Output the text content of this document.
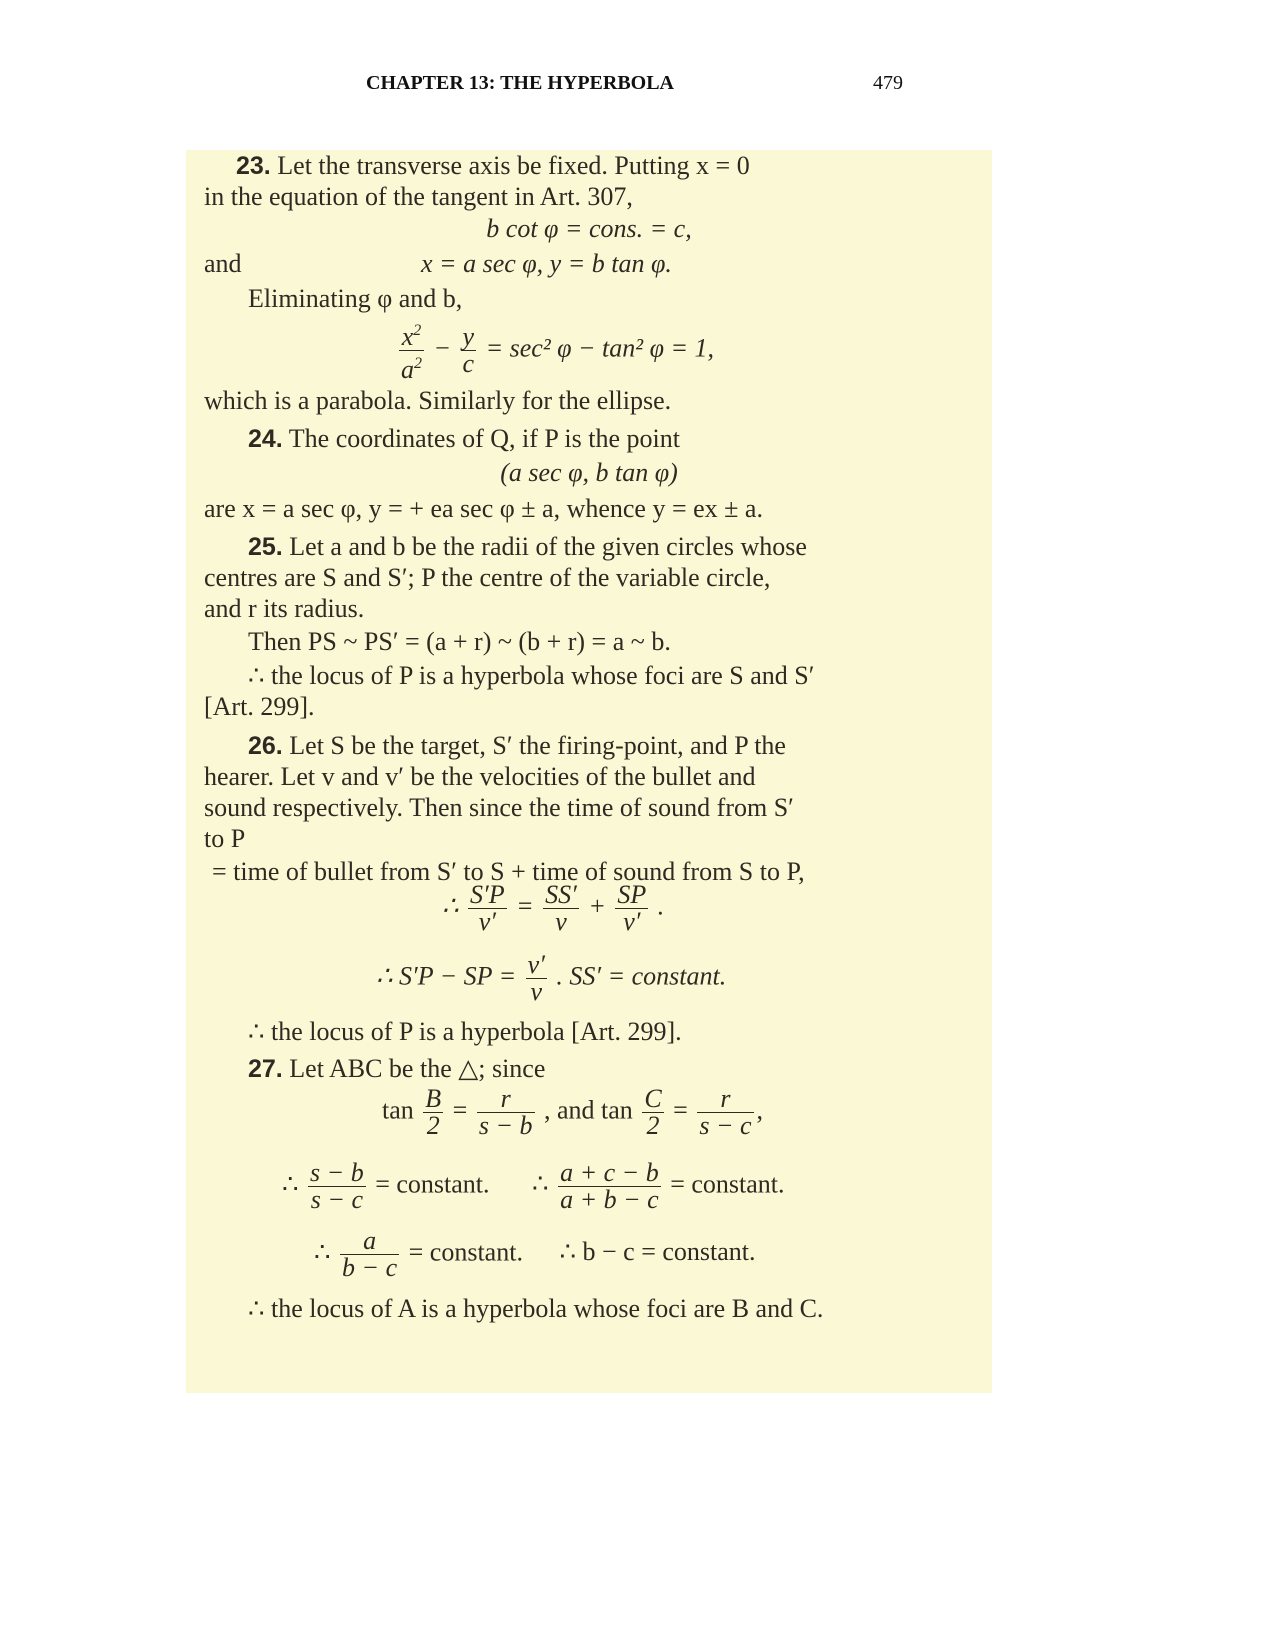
CHAPTER 13: THE HYPERBOLA	479
23. Let the transverse axis be fixed. Putting x = 0
in the equation of the tangent in Art. 307,
b cot φ = cons. = c,
and	x = a sec φ, y = b tan φ.
Eliminating φ and b,
$\frac{x^2}{a^2} - \frac{y}{c} = \sec^2$ φ − tan² φ = 1,
which is a parabola. Similarly for the ellipse.
24. The coordinates of Q, if P is the point
(a sec φ, b tan φ)
are x = a sec φ, y = + ea sec φ ± a, whence y = ex ± a.
25. Let a and b be the radii of the given circles whose
centres are S and S′; P the centre of the variable circle,
and r its radius.
Then PS ~ PS′ = (a + r) ~ (b + r) = a ~ b.
∴ the locus of P is a hyperbola whose foci are S and S′
[Art. 299].
26. Let S be the target, S′ the firing-point, and P the
hearer. Let v and v′ be the velocities of the bullet and
sound respectively. Then since the time of sound from S′
to P
= time of bullet from S′ to S + time of sound from S to P,
∴ $\frac{S'P}{v'} = \frac{SS'}{v} + \frac{SP}{v'}$ .
∴ S′P − SP = $\frac{v'}{v}$ . SS′ = constant.
∴ the locus of P is a hyperbola [Art. 299].
27. Let ABC be the △; since
$\tan \frac{B}{2} = \frac{r}{s - b}$ , and $\tan \frac{C}{2} = \frac{r}{s - c}$ ,
∴ $\frac{s - b}{s - c}$ = constant. ∴ $\frac{a + c - b}{a + b - c}$ = constant.
∴ $\frac{a}{b - c}$ = constant. ∴ b − c = constant.
∴ the locus of A is a hyperbola whose foci are B and C.
